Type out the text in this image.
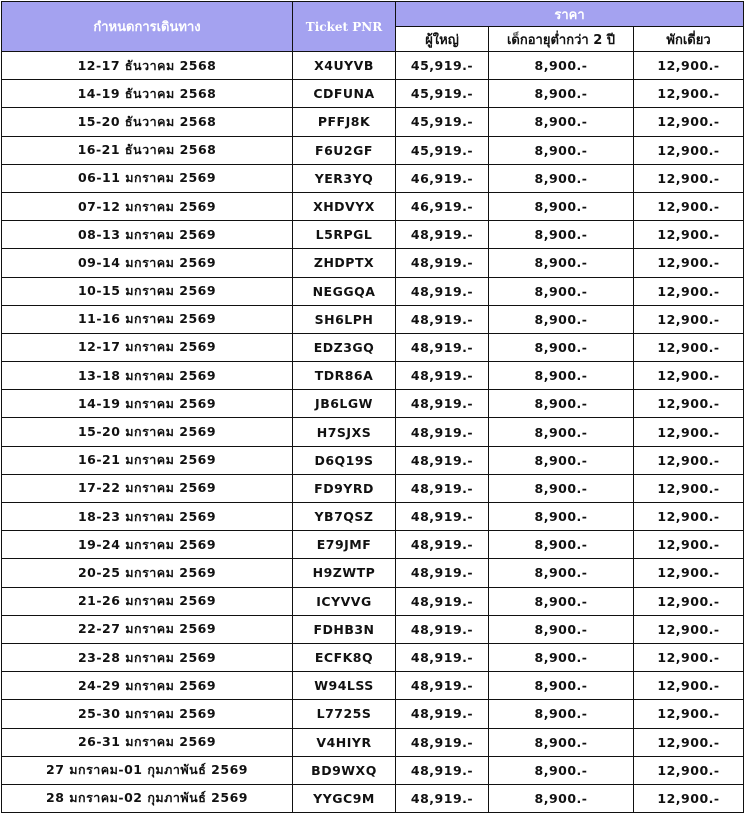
กำหนดการเดินทาง	Ticket PNR	ราคา		
		ผู้ใหญ่	เด็กอายุต่ำกว่า 2 ปี	พักเดี่ยว
12-17 ธันวาคม 2568	X4UYVB	45,919.-	8,900.-	12,900.-
14-19 ธันวาคม 2568	CDFUNA	45,919.-	8,900.-	12,900.-
15-20 ธันวาคม 2568	PFFJ8K	45,919.-	8,900.-	12,900.-
16-21 ธันวาคม 2568	F6U2GF	45,919.-	8,900.-	12,900.-
06-11 มกราคม 2569	YER3YQ	46,919.-	8,900.-	12,900.-
07-12 มกราคม 2569	XHDVYX	46,919.-	8,900.-	12,900.-
08-13 มกราคม 2569	L5RPGL	48,919.-	8,900.-	12,900.-
09-14 มกราคม 2569	ZHDPTX	48,919.-	8,900.-	12,900.-
10-15 มกราคม 2569	NEGGQA	48,919.-	8,900.-	12,900.-
11-16 มกราคม 2569	SH6LPH	48,919.-	8,900.-	12,900.-
12-17 มกราคม 2569	EDZ3GQ	48,919.-	8,900.-	12,900.-
13-18 มกราคม 2569	TDR86A	48,919.-	8,900.-	12,900.-
14-19 มกราคม 2569	JB6LGW	48,919.-	8,900.-	12,900.-
15-20 มกราคม 2569	H7SJXS	48,919.-	8,900.-	12,900.-
16-21 มกราคม 2569	D6Q19S	48,919.-	8,900.-	12,900.-
17-22 มกราคม 2569	FD9YRD	48,919.-	8,900.-	12,900.-
18-23 มกราคม 2569	YB7QSZ	48,919.-	8,900.-	12,900.-
19-24 มกราคม 2569	E79JMF	48,919.-	8,900.-	12,900.-
20-25 มกราคม 2569	H9ZWTP	48,919.-	8,900.-	12,900.-
21-26 มกราคม 2569	ICYVVG	48,919.-	8,900.-	12,900.-
22-27 มกราคม 2569	FDHB3N	48,919.-	8,900.-	12,900.-
23-28 มกราคม 2569	ECFK8Q	48,919.-	8,900.-	12,900.-
24-29 มกราคม 2569	W94LSS	48,919.-	8,900.-	12,900.-
25-30 มกราคม 2569	L7725S	48,919.-	8,900.-	12,900.-
26-31 มกราคม 2569	V4HIYR	48,919.-	8,900.-	12,900.-
27 มกราคม-01 กุมภาพันธ์ 2569	BD9WXQ	48,919.-	8,900.-	12,900.-
28 มกราคม-02 กุมภาพันธ์ 2569	YYGC9M	48,919.-	8,900.-	12,900.-
